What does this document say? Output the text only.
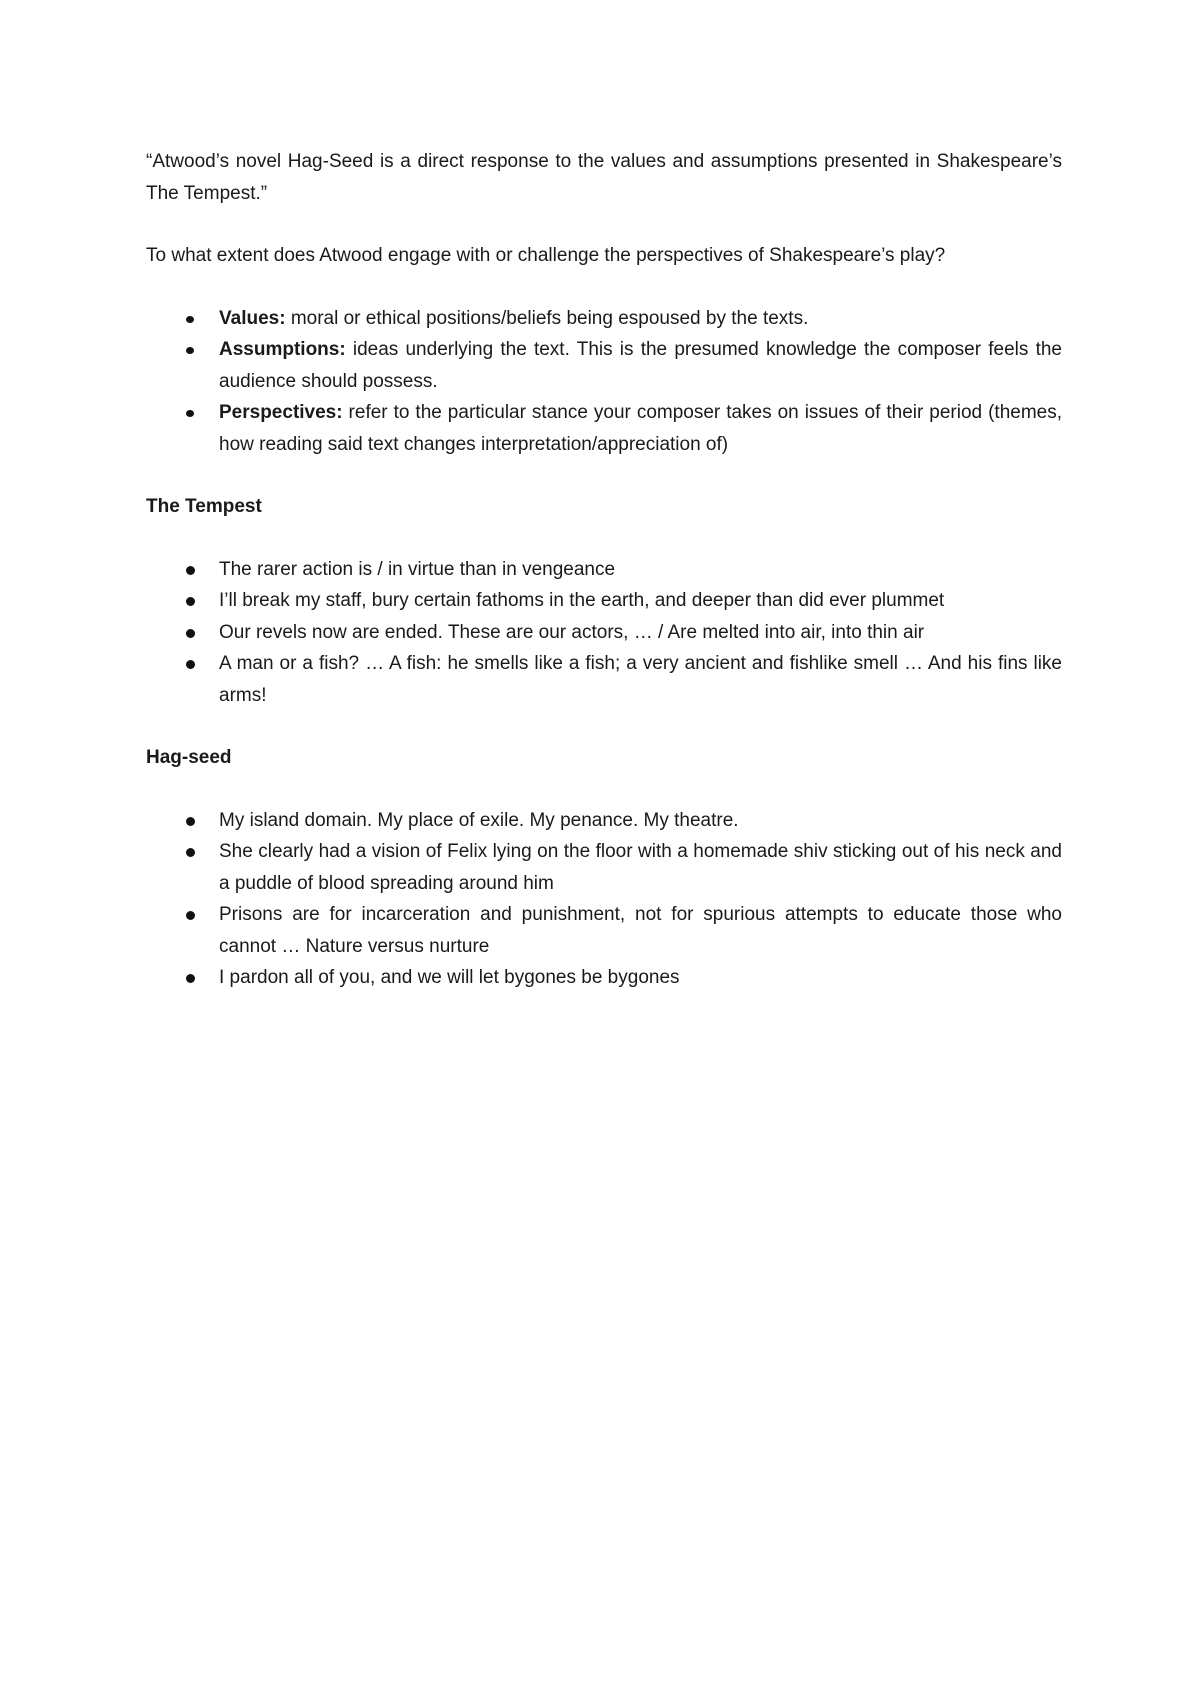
“Atwood’s novel Hag-Seed is a direct response to the values and assumptions presented in Shakespeare’s The Tempest.”

To what extent does Atwood engage with or challenge the perspectives of Shakespeare’s play?

Values: moral or ethical positions/beliefs being espoused by the texts.
Assumptions: ideas underlying the text. This is the presumed knowledge the composer feels the audience should possess.
Perspectives: refer to the particular stance your composer takes on issues of their period (themes, how reading said text changes interpretation/appreciation of)

The Tempest

The rarer action is / in virtue than in vengeance
I’ll break my staff, bury certain fathoms in the earth, and deeper than did ever plummet
Our revels now are ended. These are our actors, … / Are melted into air, into thin air
A man or a fish? … A fish: he smells like a fish; a very ancient and fishlike smell … And his fins like arms!

Hag-seed

My island domain. My place of exile. My penance. My theatre.
She clearly had a vision of Felix lying on the floor with a homemade shiv sticking out of his neck and a puddle of blood spreading around him
Prisons are for incarceration and punishment, not for spurious attempts to educate those who cannot … Nature versus nurture
I pardon all of you, and we will let bygones be bygones
